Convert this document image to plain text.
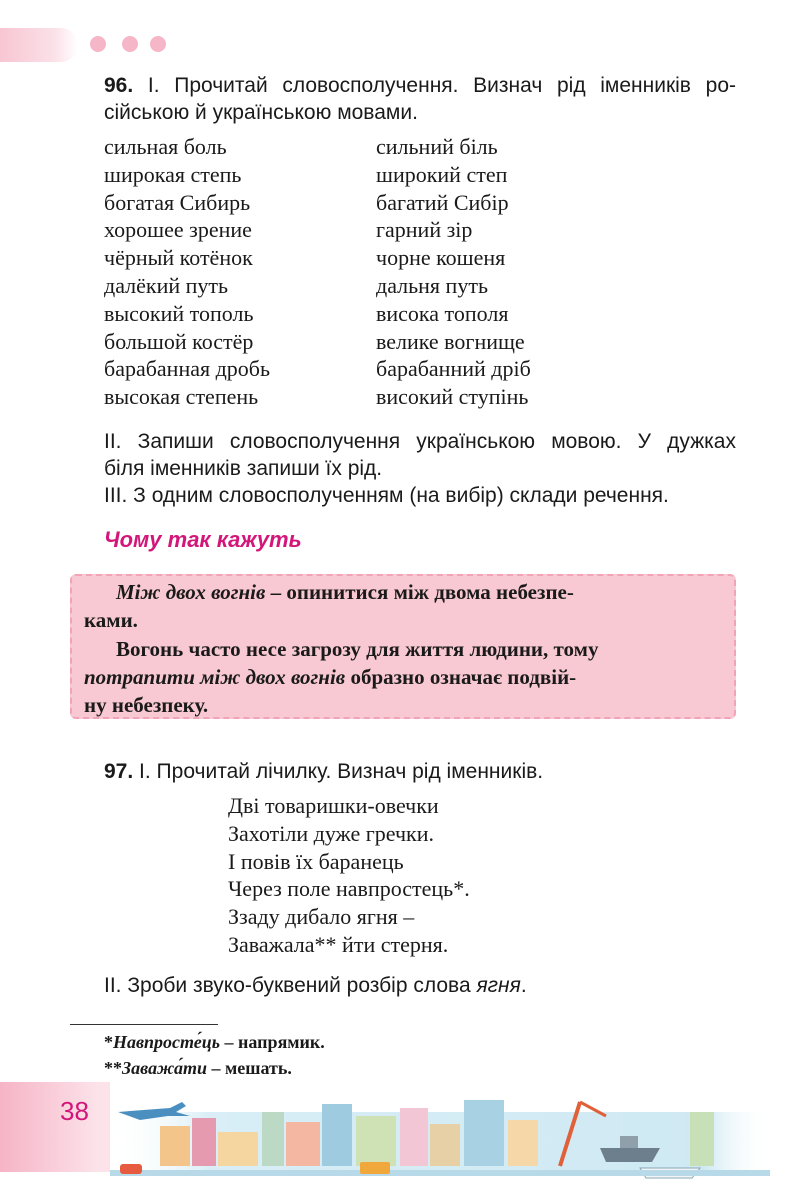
96. I. Прочитай словосполучення. Визнач рід іменників ро-
сійською й українською мовами.
сильная боль
широкая степь
богатая Сибирь
хорошее зрение
чёрный котёнок
далёкий путь
высокий тополь
большой костёр
барабанная дробь
высокая степень
сильний біль
широкий степ
багатий Сибір
гарний зір
чорне кошеня
дальня путь
висока тополя
велике вогнище
барабанний дріб
високий ступінь
II. Запиши словосполучення українською мовою. У дужках
біля іменників запиши їх рід.
III. З одним словосполученням (на вибір) склади речення.
Чому так кажуть
Між двох вогнів – опинитися між двома небезпе-
ками.
Вогонь часто несе загрозу для життя людини, тому
потрапити між двох вогнів образно означає подвій-
ну небезпеку.
97. I. Прочитай лічилку. Визнач рід іменників.
Дві товаришки-овечки
Захотіли дуже гречки.
І повів їх баранець
Через поле навпростець*.
Ззаду дибало ягня –
Заважала** йти стерня.
II. Зроби звуко-буквений розбір слова ягня.
*Навпросте́ць – напрямик.
**Заважа́ти – мешать.
38
